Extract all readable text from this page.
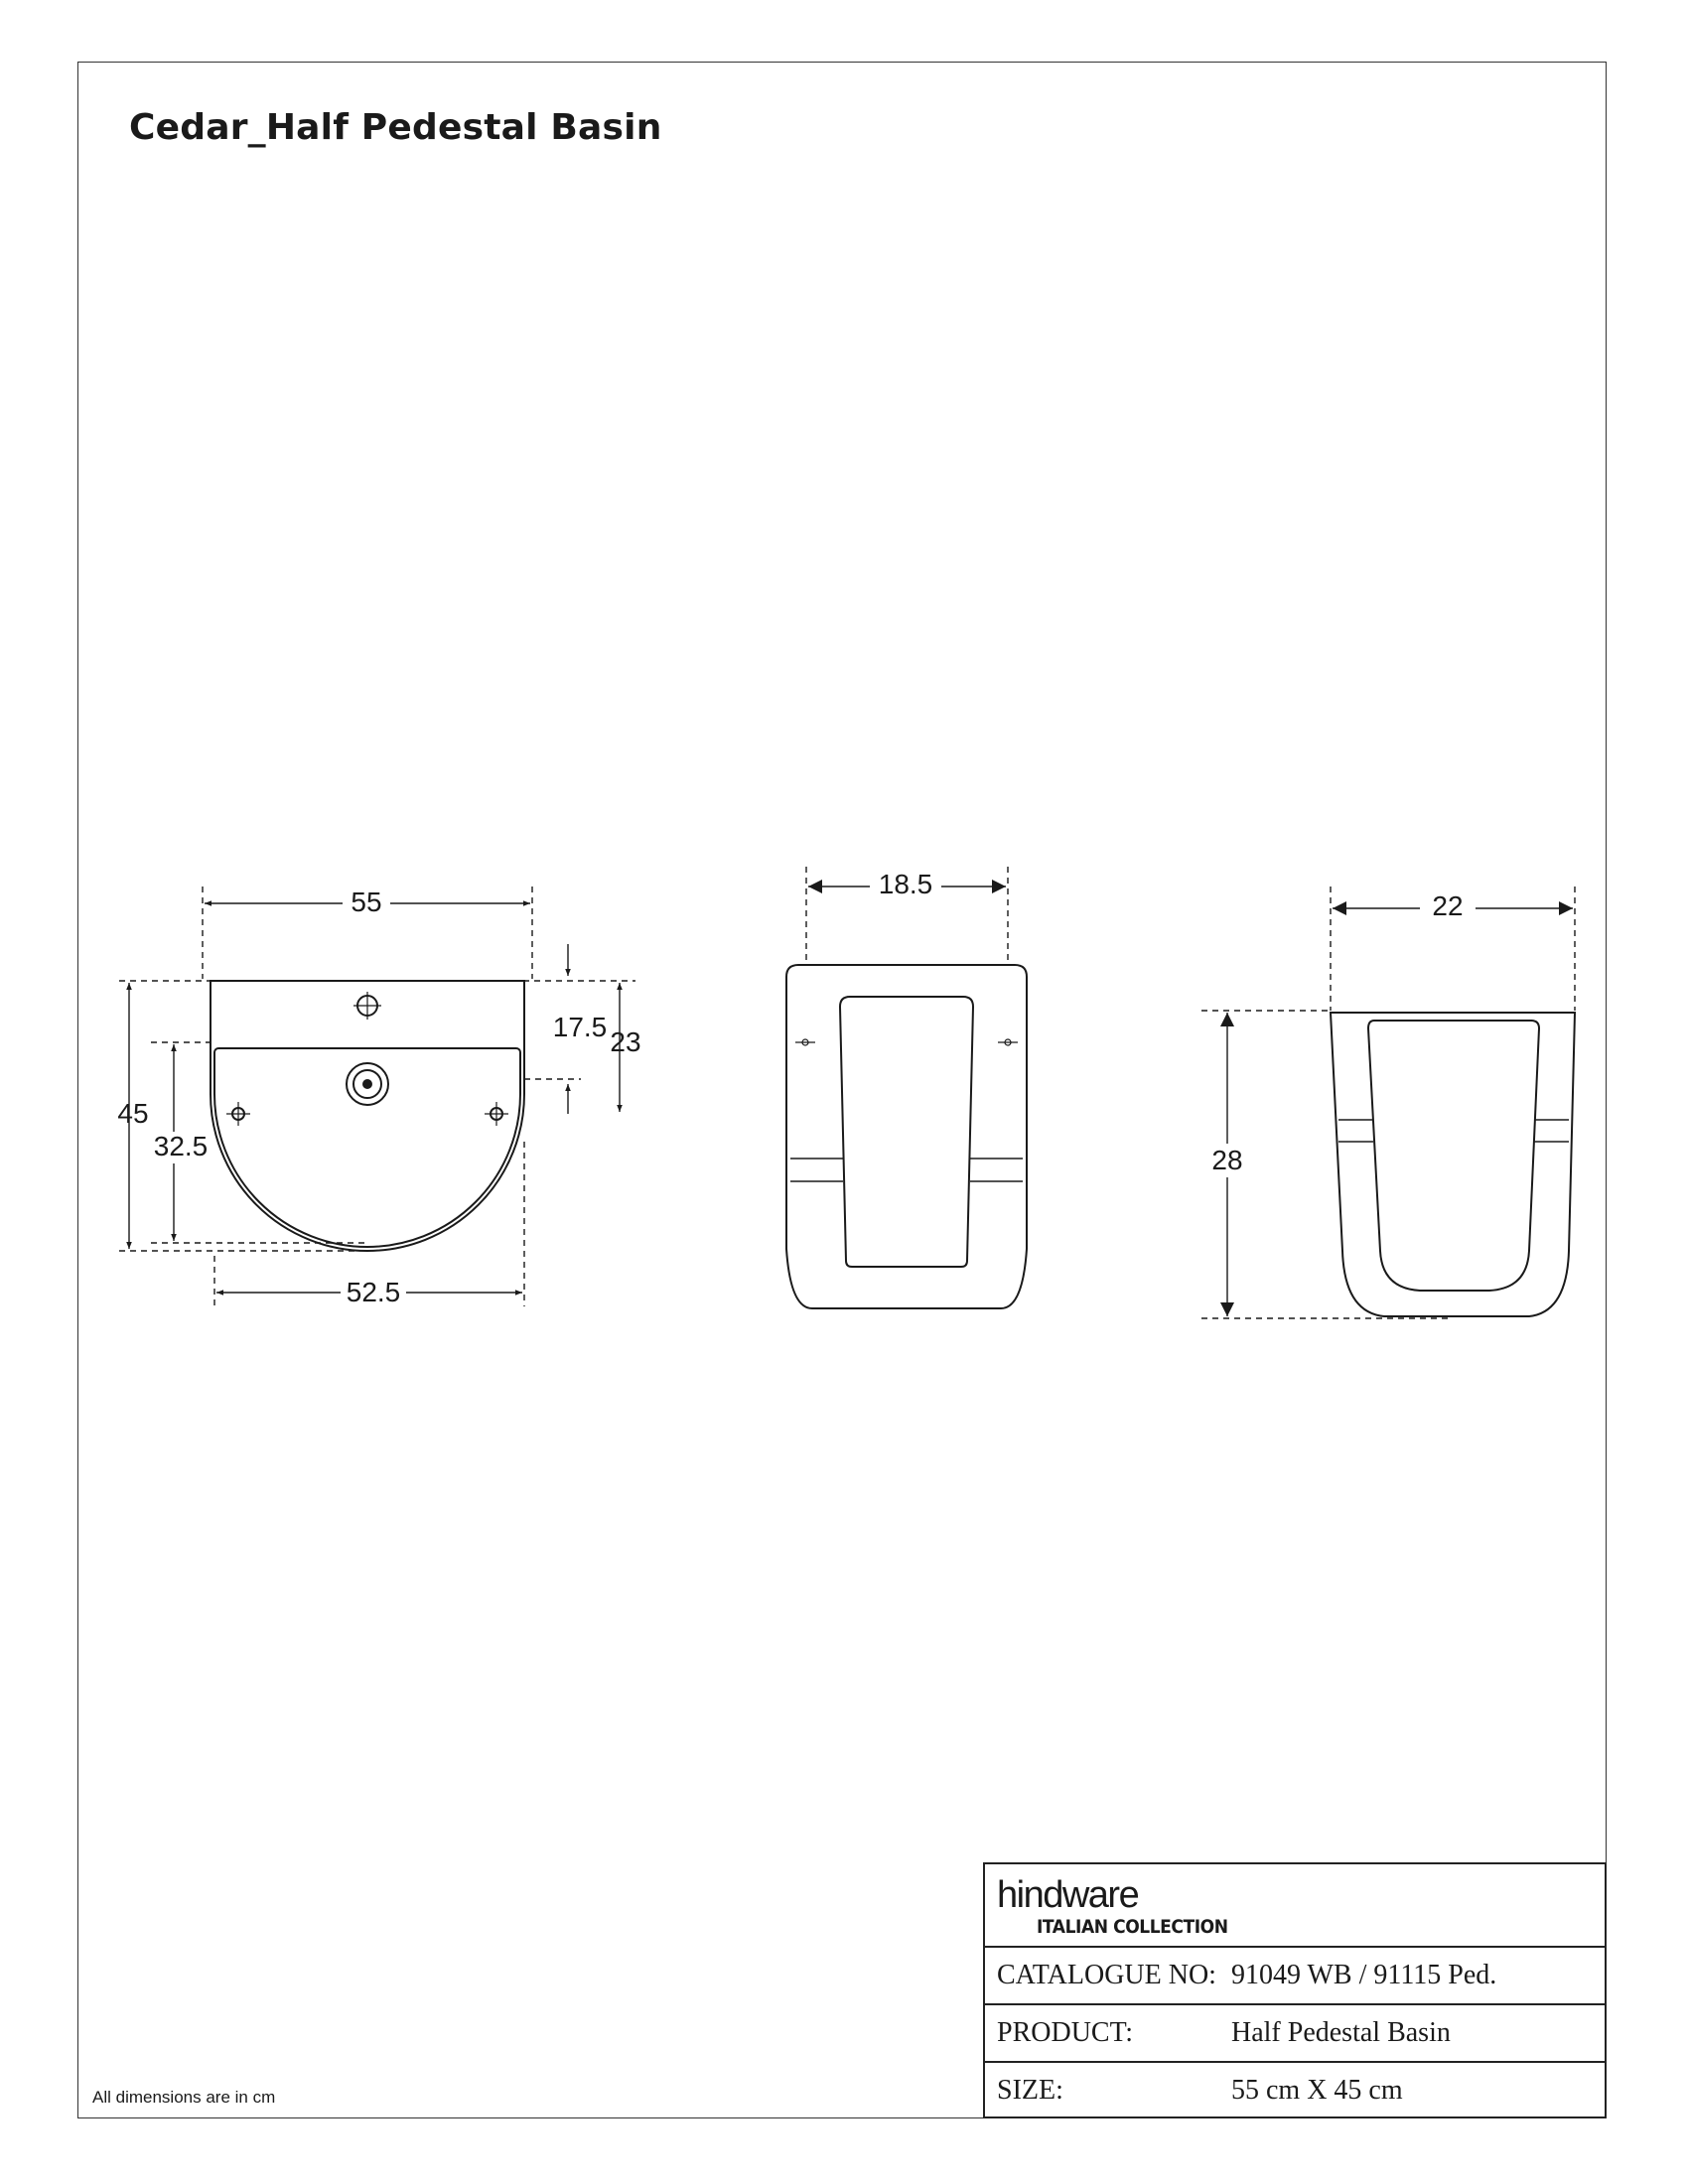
Cedar_Half Pedestal Basin
55
45
32.5
17.5 23
52.5
18.5
22
28
All dimensions are in cm
hindware
ITALIAN COLLECTION
CATALOGUE NO: 91049 WB / 91115 Ped.
PRODUCT:	Half Pedestal Basin
SIZE:	55 cm X 45 cm
